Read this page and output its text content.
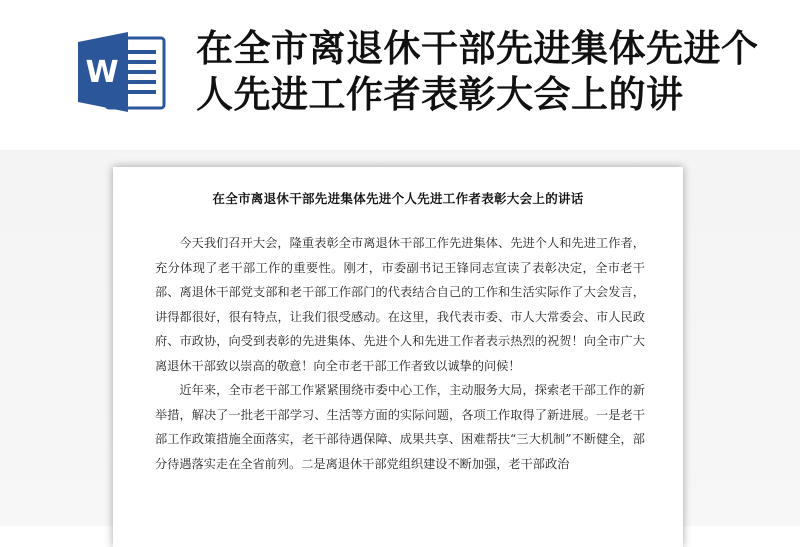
W
在全市离退休干部先进集体先进个人先进工作者表彰大会上的讲
在全市离退休干部先进集体先进个人先进工作者表彰大会上的讲话

今天我们召开大会，隆重表彰全市离退休干部工作先进集体、先进个人和先进工作者，充分体现了老干部工作的重要性。刚才，市委副书记王锋同志宣读了表彰决定，全市老干部、离退休干部党支部和老干部工作部门的代表结合自己的工作和生活实际作了大会发言，讲得都很好，很有特点，让我们很受感动。在这里，我代表市委、市人大常委会、市人民政府、市政协，向受到表彰的先进集体、先进个人和先进工作者表示热烈的祝贺！向全市广大离退休干部致以崇高的敬意！向全市老干部工作者致以诚挚的问候！

近年来，全市老干部工作紧紧围绕市委中心工作，主动服务大局，探索老干部工作的新举措，解决了一批老干部学习、生活等方面的实际问题，各项工作取得了新进展。一是老干部工作政策措施全面落实，老干部待遇保障、成果共享、困难帮扶“三大机制”不断健全，部分待遇落实走在全省前列。二是离退休干部党组织建设不断加强，老干部政治
